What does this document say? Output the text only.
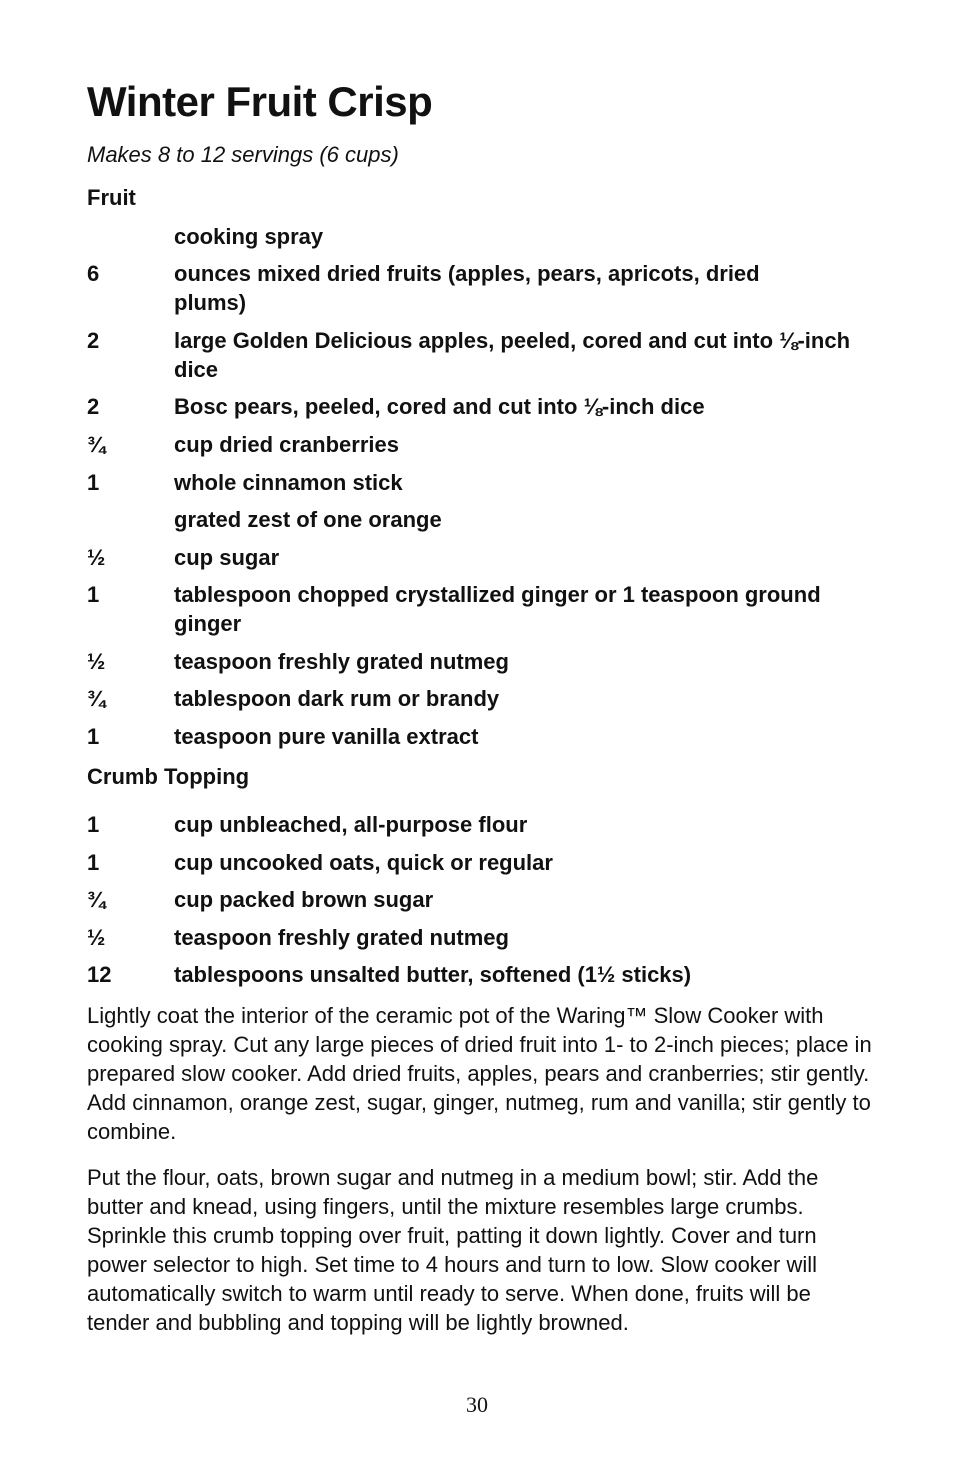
Winter Fruit Crisp
Makes 8 to 12 servings (6 cups)
Fruit
cooking spray
6	ounces mixed dried fruits (apples, pears, apricots, dried plums)
2	large Golden Delicious apples, peeled, cored and cut into ⅛-inch dice
2	Bosc pears, peeled, cored and cut into ⅛-inch dice
¾	cup dried cranberries
1	whole cinnamon stick
grated zest of one orange
½	cup sugar
1	tablespoon chopped crystallized ginger or 1 teaspoon ground ginger
½	teaspoon freshly grated nutmeg
¾	tablespoon dark rum or brandy
1	teaspoon pure vanilla extract
Crumb Topping
1	cup unbleached, all-purpose flour
1	cup uncooked oats, quick or regular
¾	cup packed brown sugar
½	teaspoon freshly grated nutmeg
12	tablespoons unsalted butter, softened (1½ sticks)

Lightly coat the interior of the ceramic pot of the Waring™ Slow Cooker with cooking spray. Cut any large pieces of dried fruit into 1- to 2-inch pieces; place in prepared slow cooker. Add dried fruits, apples, pears and cranberries; stir gently. Add cinnamon, orange zest, sugar, ginger, nutmeg, rum and vanilla; stir gently to combine.

Put the flour, oats, brown sugar and nutmeg in a medium bowl; stir. Add the butter and knead, using fingers, until the mixture resembles large crumbs. Sprinkle this crumb topping over fruit, patting it down lightly. Cover and turn power selector to high. Set time to 4 hours and turn to low. Slow cooker will automatically switch to warm until ready to serve. When done, fruits will be tender and bubbling and topping will be lightly browned.

30
